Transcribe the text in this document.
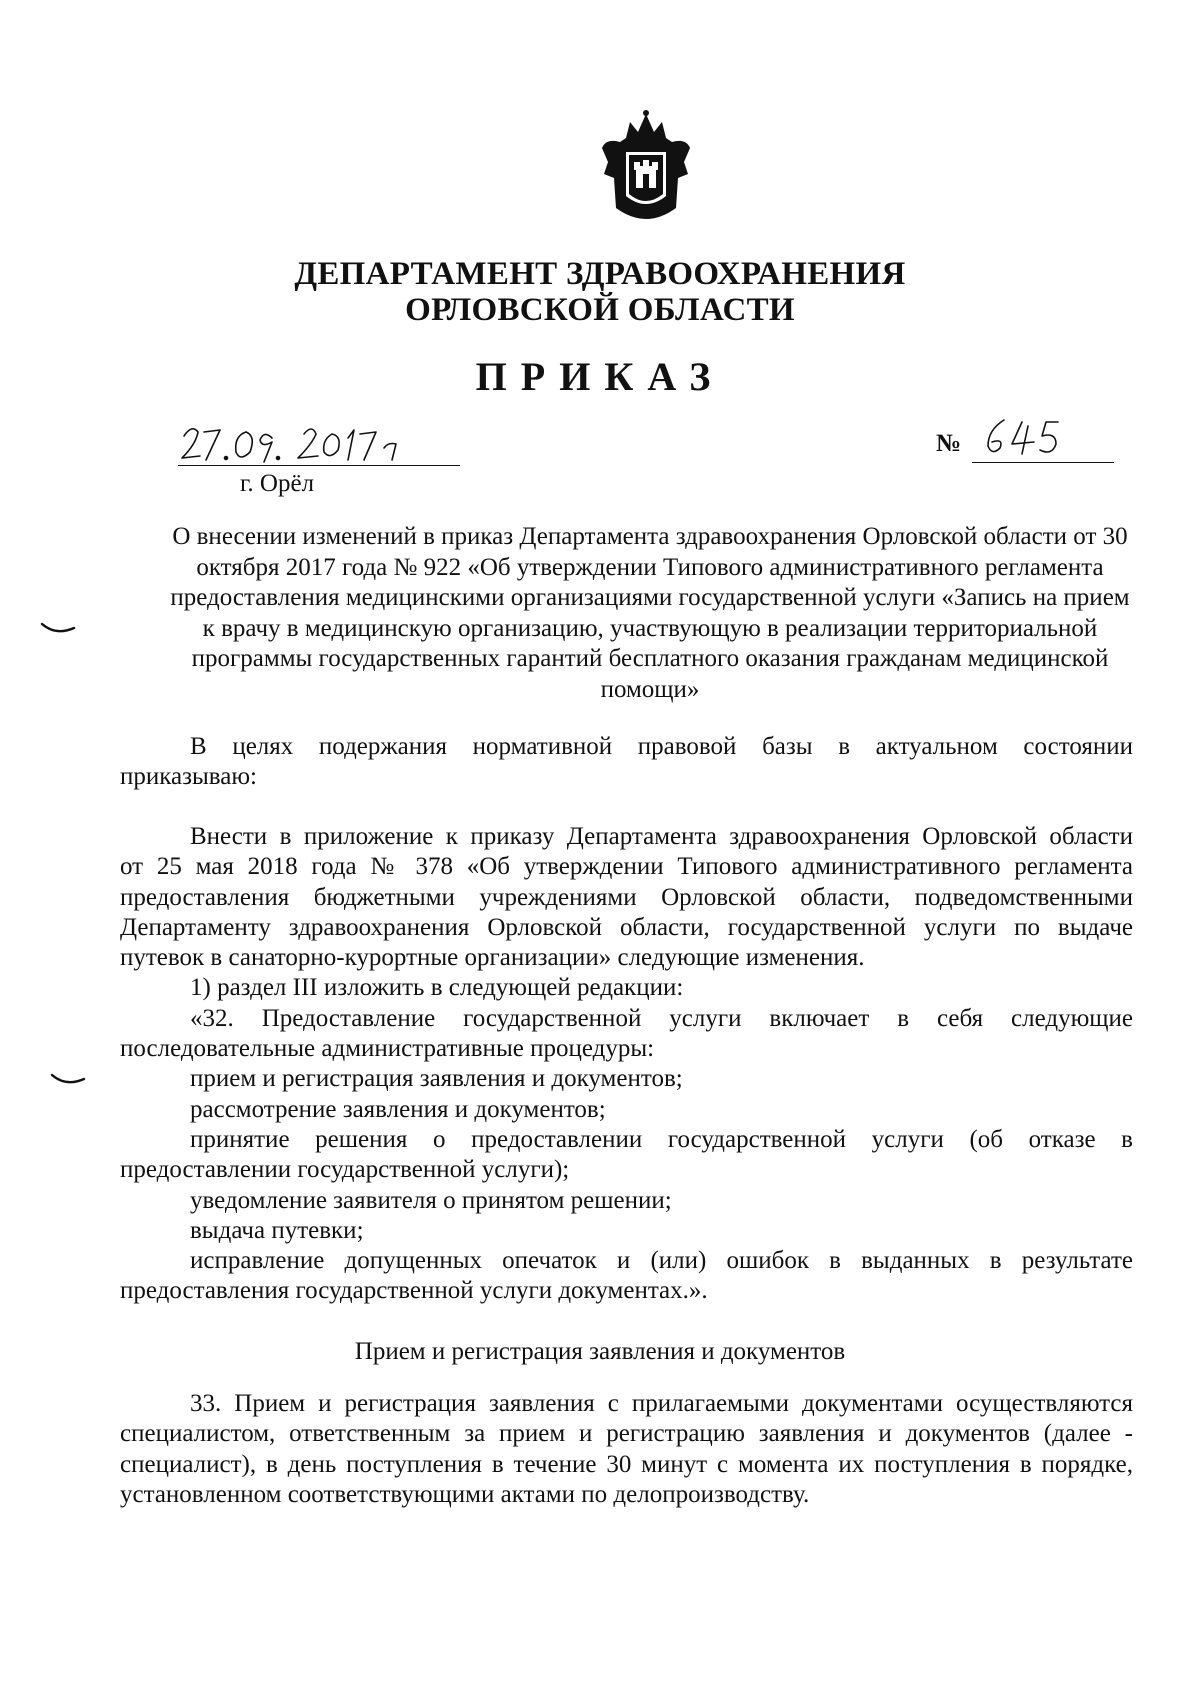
ДЕПАРТАМЕНТ ЗДРАВООХРАНЕНИЯ
ОРЛОВСКОЙ ОБЛАСТИ
ПРИКАЗ
г. Орёл
№
О внесении изменений в приказ Департамента здравоохранения Орловской области от 30
октября 2017 года № 922 «Об утверждении Типового административного регламента
предоставления медицинскими организациями государственной услуги «Запись на прием
к врачу в медицинскую организацию, участвующую в реализации территориальной
программы государственных гарантий бесплатного оказания гражданам медицинской
помощи»
В целях подержания нормативной правовой базы в актуальном состоянии
приказываю:
Внести в приложение к приказу Департамента здравоохранения Орловской области
от 25 мая 2018 года № 378 «Об утверждении Типового административного регламента
предоставления бюджетными учреждениями Орловской области, подведомственными
Департаменту здравоохранения Орловской области, государственной услуги по выдаче
путевок в санаторно-курортные организации» следующие изменения.
1) раздел III изложить в следующей редакции:
«32. Предоставление государственной услуги включает в себя следующие
последовательные административные процедуры:
прием и регистрация заявления и документов;
рассмотрение заявления и документов;
принятие решения о предоставлении государственной услуги (об отказе в
предоставлении государственной услуги);
уведомление заявителя о принятом решении;
выдача путевки;
исправление допущенных опечаток и (или) ошибок в выданных в результате
предоставления государственной услуги документах.».
Прием и регистрация заявления и документов
33. Прием и регистрация заявления с прилагаемыми документами осуществляются
специалистом, ответственным за прием и регистрацию заявления и документов (далее -
специалист), в день поступления в течение 30 минут с момента их поступления в порядке,
установленном соответствующими актами по делопроизводству.
